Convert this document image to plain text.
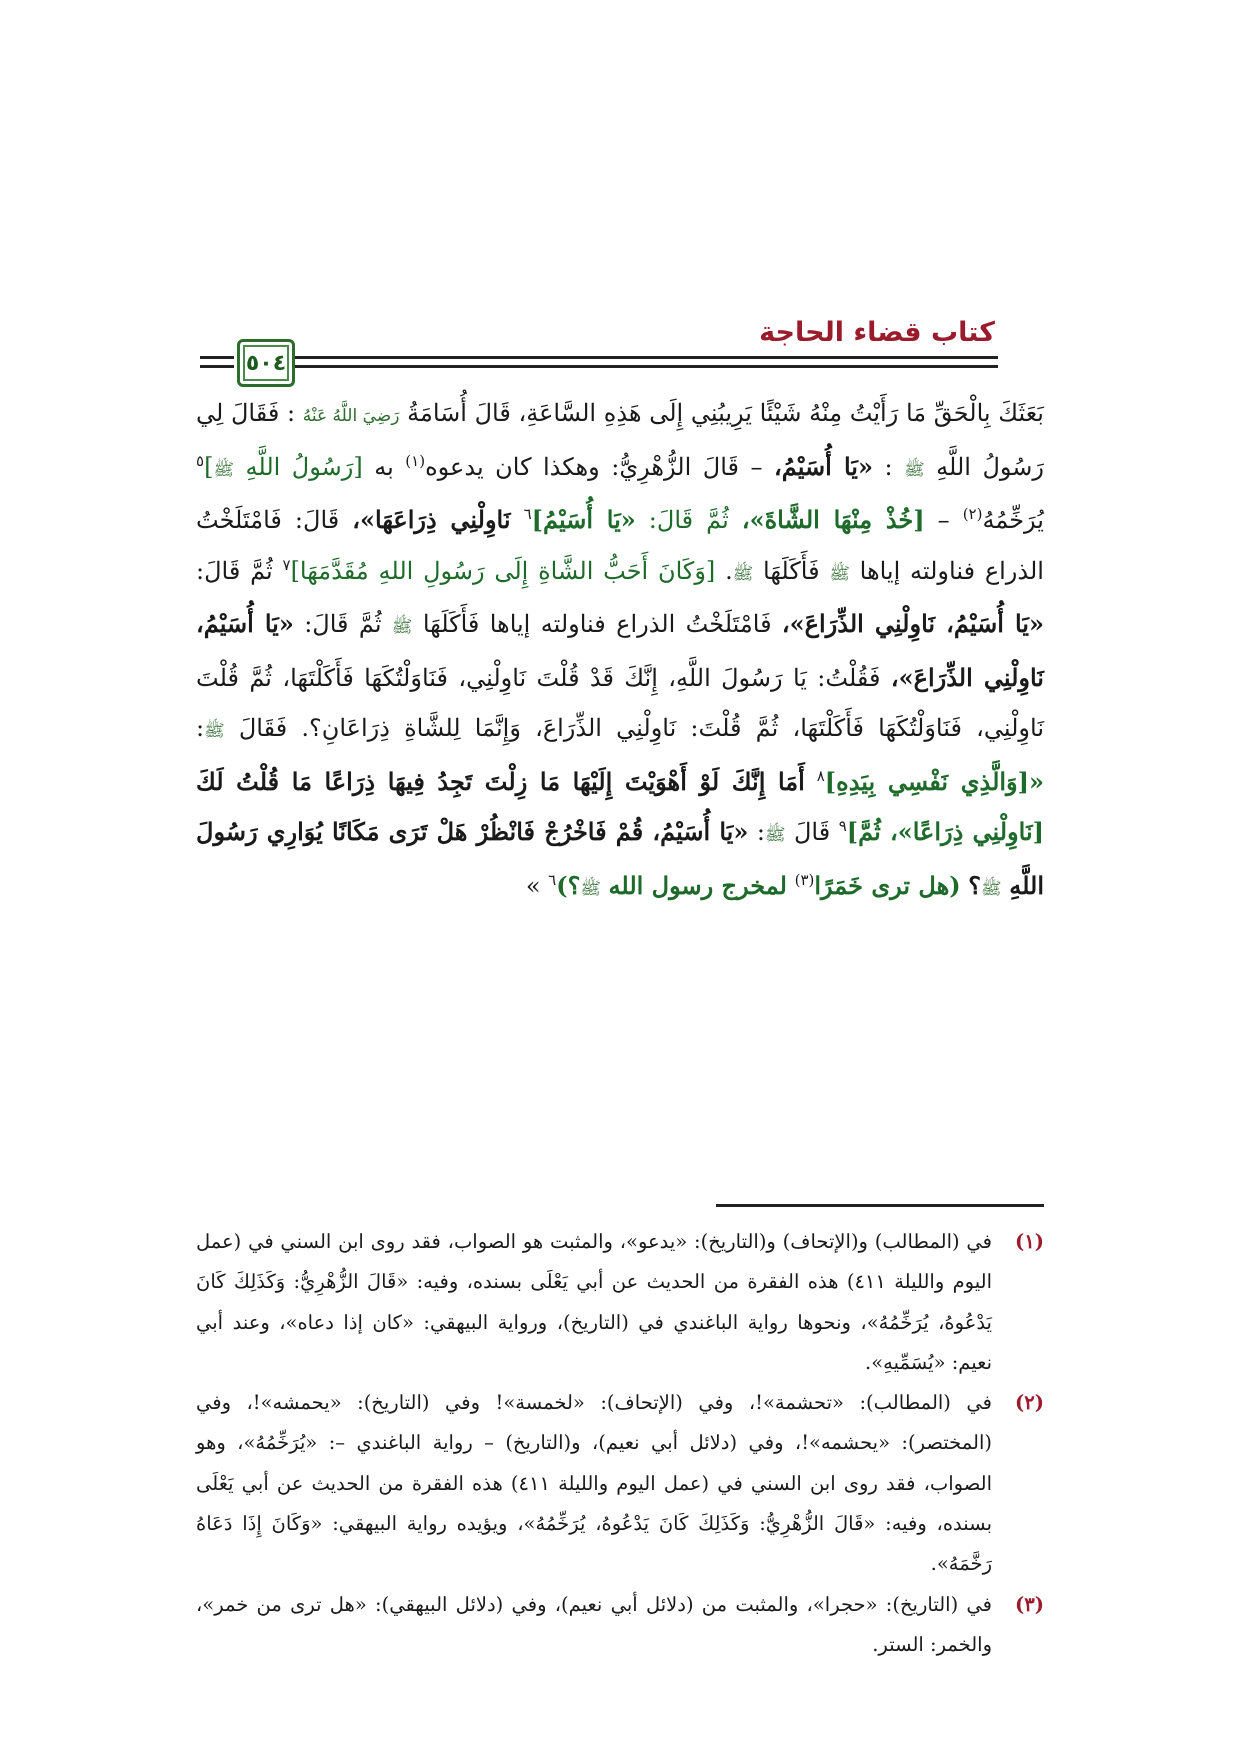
كتاب قضاء الحاجة
٥٠٤

بَعَثَكَ بِالْحَقِّ مَا رَأَيْتُ مِنْهُ شَيْئًا يَرِيبُنِي إِلَى هَذِهِ السَّاعَةِ، قَالَ أُسَامَةُ رَضِيَ اللَّهُ عَنْهُ : فَقَالَ لِي رَسُولُ اللَّهِ ﷺ : «يَا أُسَيْمُ، – قَالَ الزُّهْرِيُّ: وهكذا كان يدعوه$^{(١)}$ به [رَسُولُ اللَّهِ ﷺ]$^٥$ يُرَخِّمُهُ$^{(٢)}$ – [خُذْ مِنْهَا الشَّاةَ»، ثُمَّ قَالَ: «يَا أُسَيْمُ]$^٦$ نَاوِلْنِي ذِرَاعَهَا»، قَالَ: فَامْتَلَخْتُ الذراع فناولته إياها ﷺ فَأَكَلَهَا ﷺ. [وَكَانَ أَحَبُّ الشَّاةِ إِلَى رَسُولِ اللهِ مُقَدَّمَهَا]$^٧$ ثُمَّ قَالَ: «يَا أُسَيْمُ، نَاوِلْنِي الذِّرَاعَ»، فَامْتَلَخْتُ الذراع فناولته إياها فَأَكَلَهَا ﷺ ثُمَّ قَالَ: «يَا أُسَيْمُ، نَاوِلْنِي الذِّرَاعَ»، فَقُلْتُ: يَا رَسُولَ اللَّهِ، إِنَّكَ قَدْ قُلْتَ نَاوِلْنِي، فَنَاوَلْتُكَهَا فَأَكَلْتَهَا، ثُمَّ قُلْتَ نَاوِلْنِي، فَنَاوَلْتُكَهَا فَأَكَلْتَهَا، ثُمَّ قُلْتَ: نَاوِلْنِي الذِّرَاعَ، وَإِنَّمَا لِلشَّاةِ ذِرَاعَانِ؟. فَقَالَ ﷺ: «[وَالَّذِي نَفْسِي بِيَدِهِ]$^٨$ أَمَا إِنَّكَ لَوْ أَهْوَيْتَ إِلَيْهَا مَا زِلْتَ تَجِدُ فِيهَا ذِرَاعًا مَا قُلْتُ لَكَ [نَاوِلْنِي ذِرَاعًا»، ثُمَّ]$^٩$ قَالَ ﷺ: «يَا أُسَيْمُ، قُمْ فَاخْرُجْ فَانْظُرْ هَلْ تَرَى مَكَانًا يُوَارِي رَسُولَ اللَّهِ ﷺ؟ (هل ترى خَمَرًا$^{(٣)}$ لمخرج رسول الله ﷺ؟)$^٦$ »

(١)
في (المطالب) و(الإتحاف) و(التاريخ): «يدعو»، والمثبت هو الصواب، فقد روى ابن السني في (عمل اليوم والليلة ٤١١) هذه الفقرة من الحديث عن أبي يَعْلَى بسنده، وفيه: «قَالَ الزُّهْرِيُّ: وَكَذَلِكَ كَانَ يَدْعُوهُ، يُرَخِّمُهُ»، ونحوها رواية الباغندي في (التاريخ)، ورواية البيهقي: «كان إذا دعاه»، وعند أبي نعيم: «يُسَمِّيهِ».

(٢)
في (المطالب): «تحشمة»!، وفي (الإتحاف): «لخمسة»! وفي (التاريخ): «يحمشه»!، وفي (المختصر): «يحشمه»!، وفي (دلائل أبي نعيم)، و(التاريخ) – رواية الباغندي –: «يُرَخِّمُهُ»، وهو الصواب، فقد روى ابن السني في (عمل اليوم والليلة ٤١١) هذه الفقرة من الحديث عن أبي يَعْلَى بسنده، وفيه: «قَالَ الزُّهْرِيُّ: وَكَذَلِكَ كَانَ يَدْعُوهُ، يُرَخِّمُهُ»، ويؤيده رواية البيهقي: «وَكَانَ إِذَا دَعَاهُ رَخَّمَهُ».

(٣)
في (التاريخ): «حجرا»، والمثبت من (دلائل أبي نعيم)، وفي (دلائل البيهقي): «هل ترى من خمر»، والخمر: الستر.
